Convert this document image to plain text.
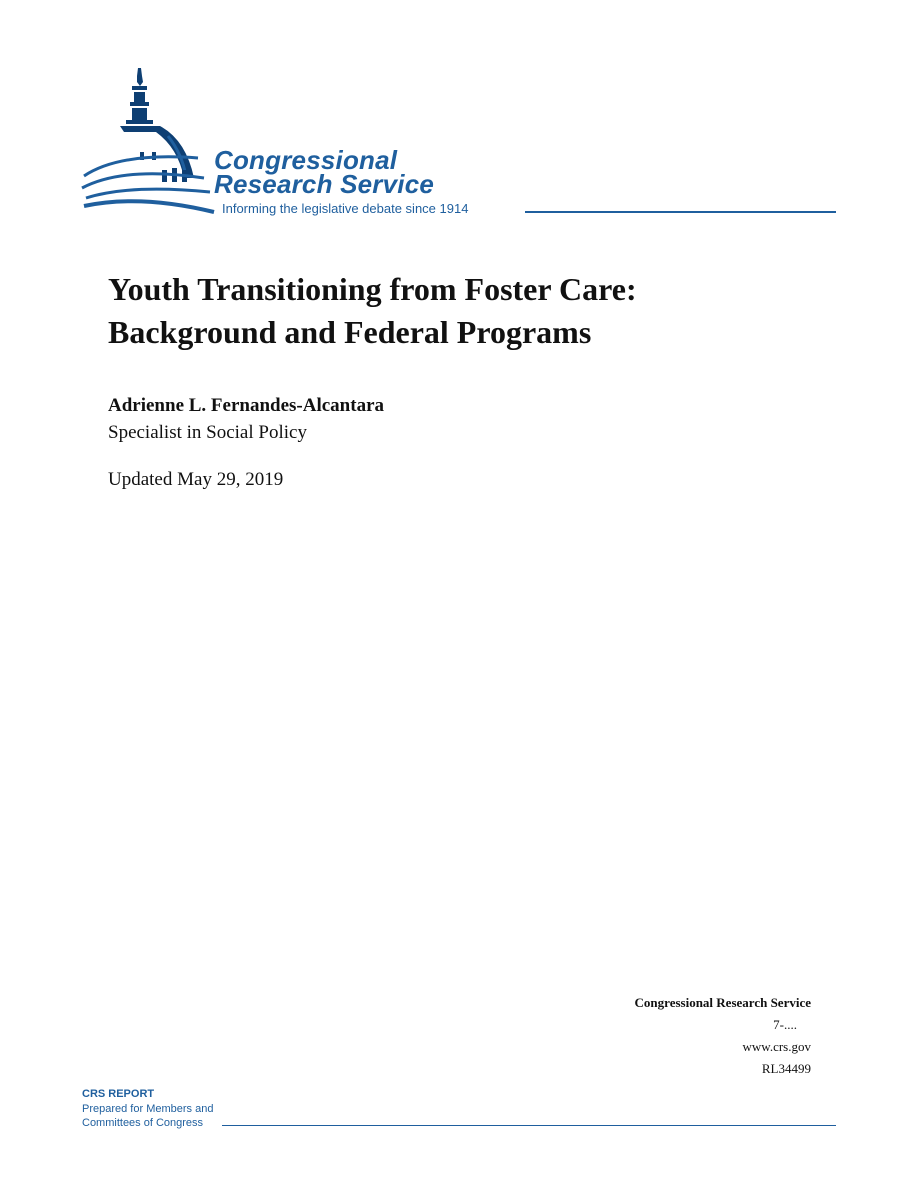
Congressional
Research Service
Informing the legislative debate since 1914
Youth Transitioning from Foster Care:
Background and Federal Programs
Adrienne L. Fernandes-Alcantara
Specialist in Social Policy
Updated May 29, 2019
Congressional Research Service
7-....
www.crs.gov
RL34499
CRS REPORT
Prepared for Members and
Committees of Congress
